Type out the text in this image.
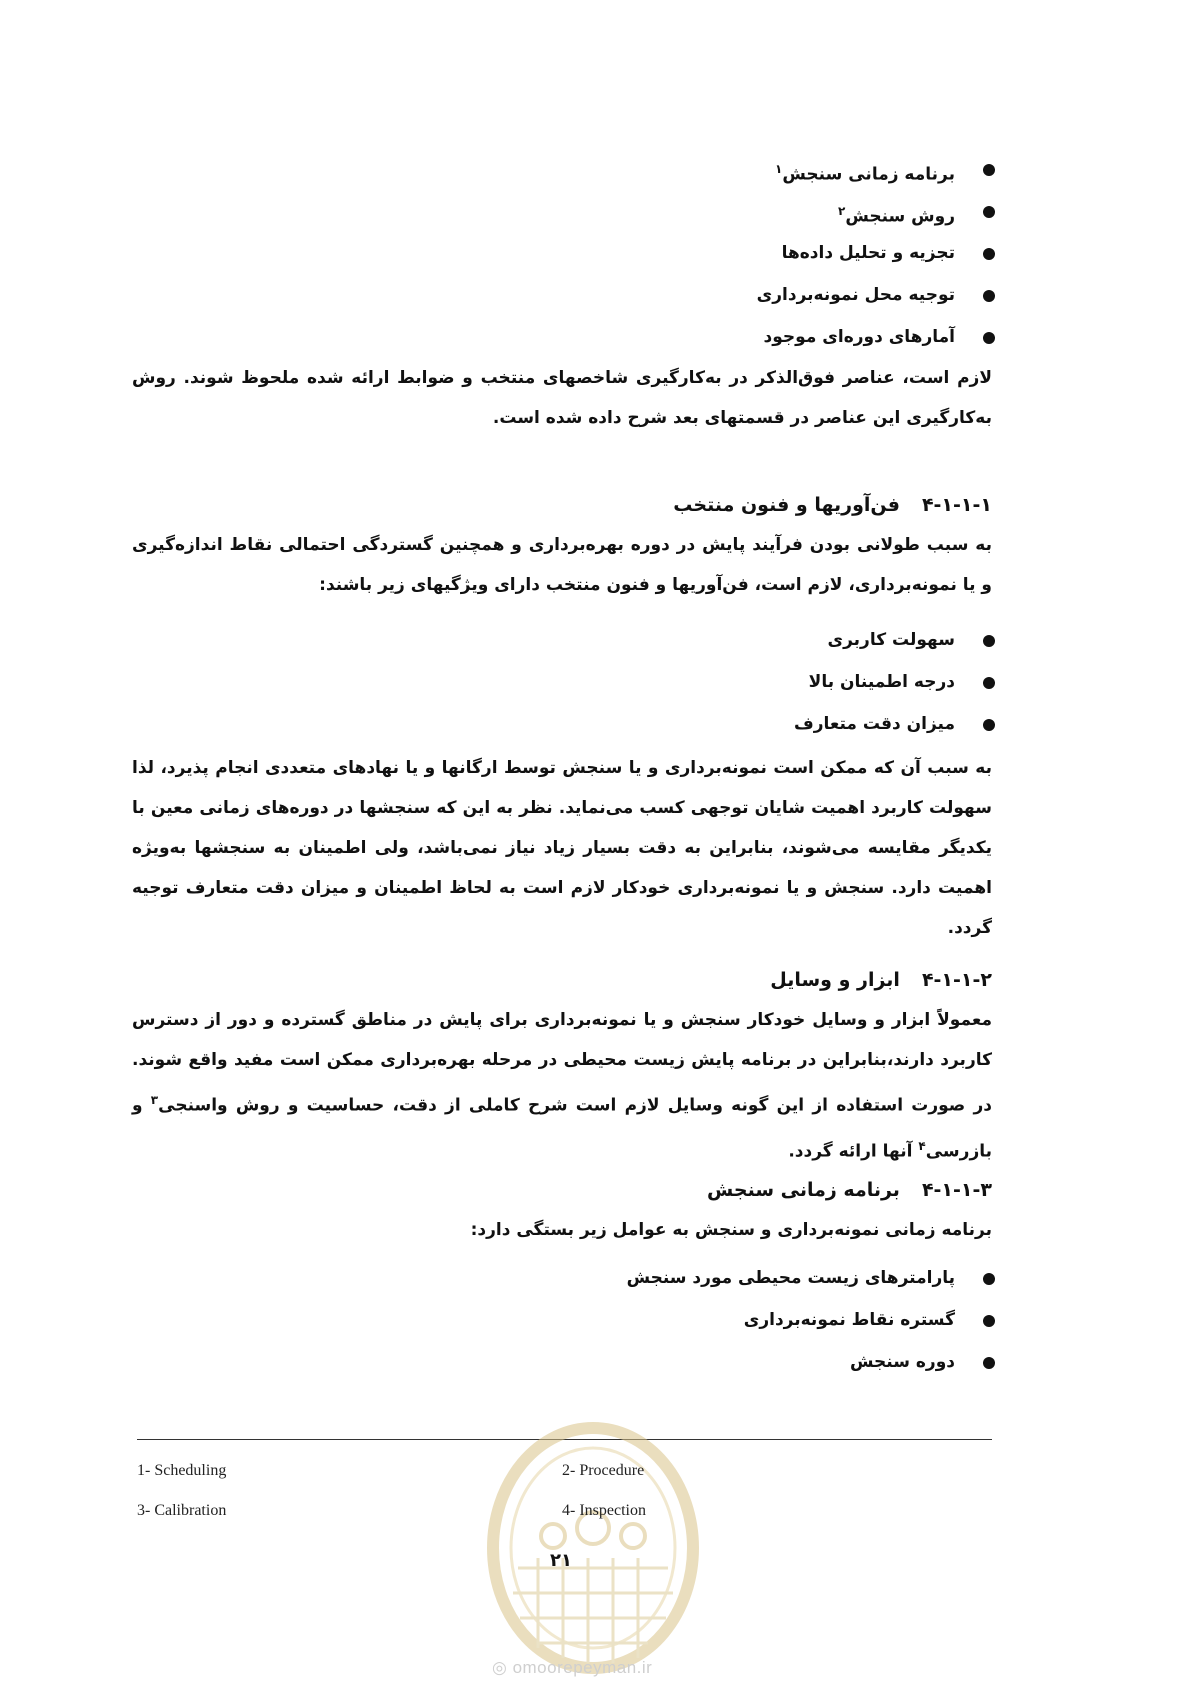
برنامه زمانی سنجش$^۱$
روش سنجش$^۲$
تجزیه و تحلیل داده‌ها
توجیه محل نمونه‌برداری
آمارهای دوره‌ای موجود

لازم است، عناصر فوق‌الذکر در به‌کارگیری شاخصهای منتخب و ضوابط ارائه شده ملحوظ شوند. روش به‌کارگیری این عناصر در قسمتهای بعد شرح داده شده است.

۴-۱-۱-۱فن‌آوریها و فنون منتخب

به سبب طولانی بودن فرآیند پایش در دوره بهره‌برداری و همچنین گستردگی احتمالی نقاط اندازه‌گیری و یا نمونه‌برداری، لازم است، فن‌آوریها و فنون منتخب دارای ویژگیهای زیر باشند:

سهولت کاربری
درجه اطمینان بالا
میزان دقت متعارف

به سبب آن که ممکن است نمونه‌برداری و یا سنجش توسط ارگانها و یا نهادهای متعددی انجام پذیرد، لذا سهولت کاربرد اهمیت شایان توجهی کسب می‌نماید. نظر به این که سنجشها در دوره‌های زمانی معین با یکدیگر مقایسه می‌شوند، بنابراین به دقت بسیار زیاد نیاز نمی‌باشد، ولی اطمینان به سنجشها به‌ویژه اهمیت دارد. سنجش و یا نمونه‌برداری خودکار لازم است به لحاظ اطمینان و میزان دقت متعارف توجیه گردد.

۴-۱-۱-۲ابزار و وسایل

معمولاً ابزار و وسایل خودکار سنجش و یا نمونه‌برداری برای پایش در مناطق گسترده و دور از دسترس کاربرد دارند،بنابراین در برنامه پایش زیست محیطی در مرحله بهره‌برداری ممکن است مفید واقع شوند. در صورت استفاده از این گونه وسایل لازم است شرح کاملی از دقت، حساسیت و روش واسنجی$^۳$ و بازرسی$^۴$ آنها ارائه گردد.

۴-۱-۱-۳برنامه زمانی سنجش

برنامه زمانی نمونه‌برداری و سنجش به عوامل زیر بستگی دارد:

پارامترهای زیست محیطی مورد سنجش
گستره نقاط نمونه‌برداری
دوره سنجش
1- Scheduling	2- Procedure
3- Calibration	4- Inspection
۲۱
◎ omoorepeyman.ir
